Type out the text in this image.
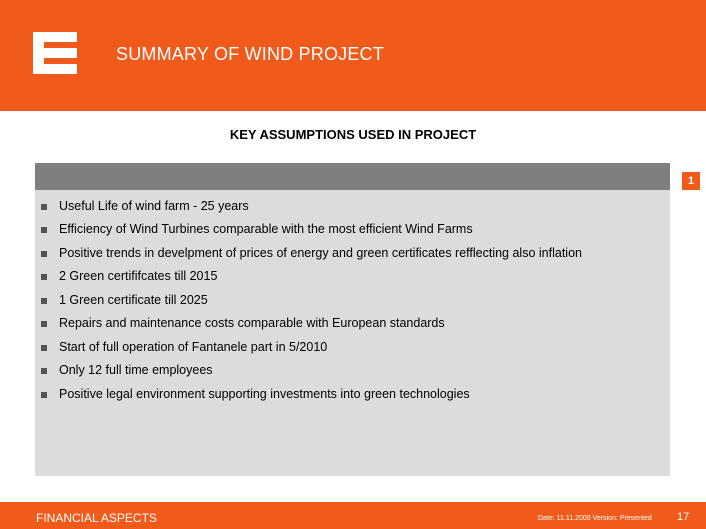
SUMMARY OF WIND PROJECT
KEY ASSUMPTIONS USED IN PROJECT
1
Useful Life of wind farm - 25 years
Efficiency of Wind Turbines comparable with the most efficient Wind Farms
Positive trends in develpment of prices of energy and green certificates refflecting also inflation
2 Green certififcates till 2015
1 Green certificate till 2025
Repairs and maintenance costs comparable with European standards
Start of full operation of Fantanele part in 5/2010
Only 12 full time employees
Positive legal environment supporting investments into green technologies
FINANCIAL ASPECTS	Date: 11.11.2009 Version: Presented 17
